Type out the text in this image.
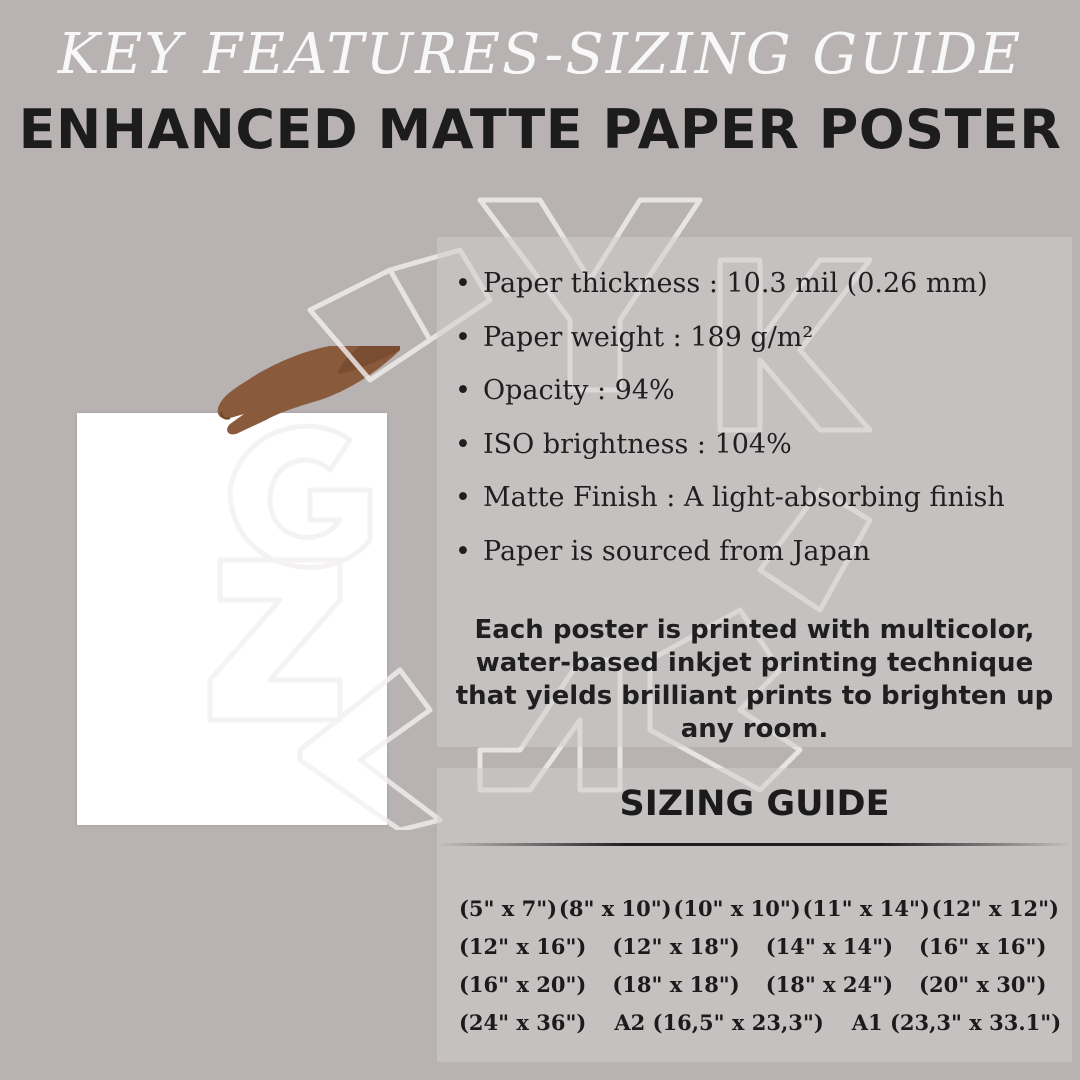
KEY FEATURES-SIZING GUIDE
ENHANCED MATTE PAPER POSTER
• Paper thickness : 10.3 mil (0.26 mm)
• Paper weight : 189 g/m²
• Opacity : 94%
• ISO brightness : 104%
• Matte Finish : A light-absorbing finish
• Paper is sourced from Japan
Each poster is printed with multicolor, water-based inkjet printing technique that yields brilliant prints to brighten up any room.
SIZING GUIDE
(5" x 7") (8" x 10") (10" x 10") (11" x 14") (12" x 12")
(12" x 16") (12" x 18") (14" x 14") (16" x 16")
(16" x 20") (18" x 18") (18" x 24") (20" x 30")
(24" x 36") A2 (16,5" x 23,3") A1 (23,3" x 33.1")
